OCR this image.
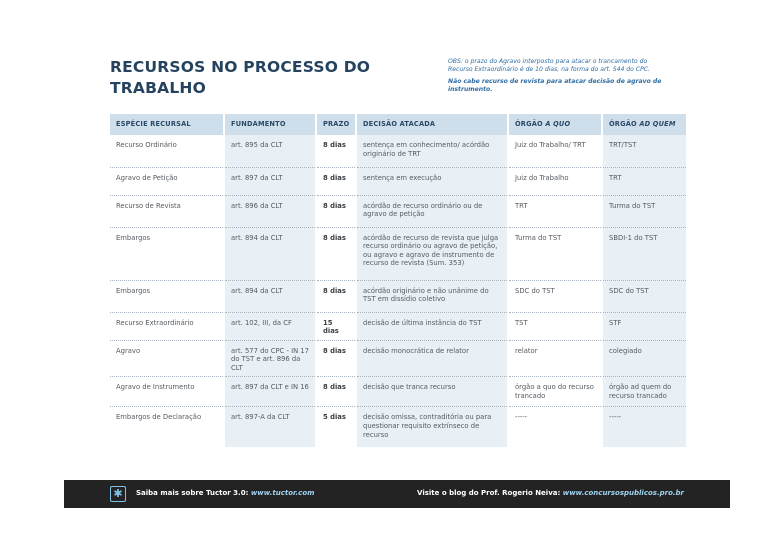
RECURSOS NO PROCESSO DO
TRABALHO

OBS: o prazo do Agravo interposto para atacar o trancamento do
Recurso Extraordinário é de 10 dias, na forma do art. 544 do CPC.

Não cabe recurso de revista para atacar decisão de agravo de
instrumento.

ESPÉCIE RECURSAL	FUNDAMENTO	PRAZO	DECISÃO ATACADA	ÓRGÃO A QUO	ÓRGÃO AD QUEM
Recurso Ordinário	art. 895 da CLT	8 dias	sentença em conhecimento/ acórdão originário de TRT	Juiz do Trabalho/ TRT	TRT/TST
Agravo de Petição	art. 897 da CLT	8 dias	sentença em execução	Juiz do Trabalho	TRT
Recurso de Revista	art. 896 da CLT	8 dias	acórdão de recurso ordinário ou de agravo de petição	TRT	Turma do TST
Embargos	art. 894 da CLT	8 dias	acórdão de recurso de revista que julga recurso ordinário ou agravo de petição, ou agravo e agravo de instrumento de recurso de revista (Sum. 353)	Turma do TST	SBDI-1 do TST
Embargos	art. 894 da CLT	8 dias	acórdão originário e não unânime do TST em dissídio coletivo	SDC do TST	SDC do TST
Recurso Extraordinário	art. 102, III, da CF	15 dias	decisão de última instância do TST	TST	STF
Agravo	art. 577 do CPC - IN 17 do TST e art. 896 da CLT	8 dias	decisão monocrática de relator	relator	colegiado
Agravo de Instrumento	art. 897 da CLT e IN 16	8 dias	decisão que tranca recurso	órgão a quo do recurso trancado	órgão ad quem do recurso trancado
Embargos de Declaração	art. 897-A da CLT	5 dias	decisão omissa, contraditória ou para questionar requisito extrínseco de recurso	-----	-----
✱	Saiba mais sobre Tuctor 3.0: www.tuctor.com	Visite o blog do Prof. Rogerio Neiva: www.concursospublicos.pro.br
